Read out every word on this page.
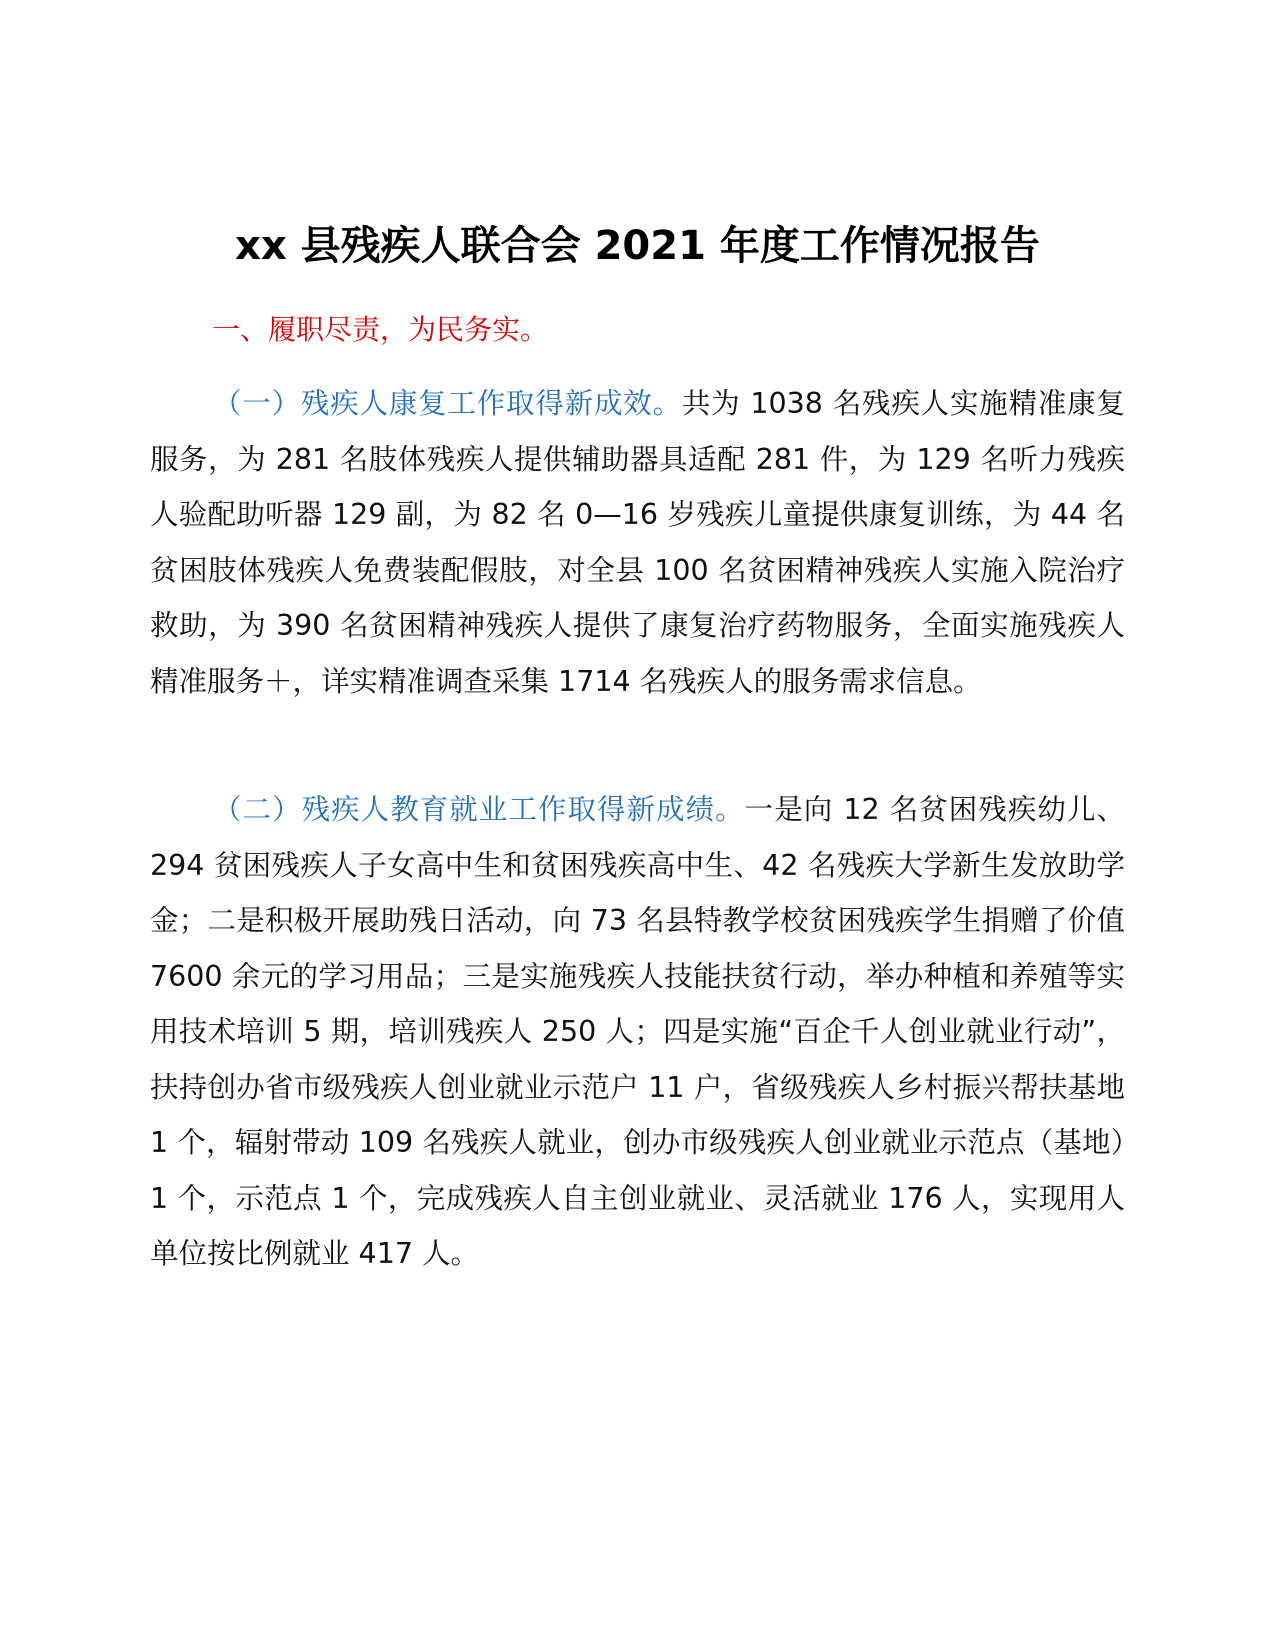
xx 县残疾人联合会 2021 年度工作情况报告

一、履职尽责，为民务实。

（一）残疾人康复工作取得新成效。共为 1038 名残疾人实施精准康复服务，为 281 名肢体残疾人提供辅助器具适配 281 件，为 129 名听力残疾人验配助听器 129 副，为 82 名 0—16 岁残疾儿童提供康复训练，为 44 名贫困肢体残疾人免费装配假肢，对全县 100 名贫困精神残疾人实施入院治疗救助，为 390 名贫困精神残疾人提供了康复治疗药物服务，全面实施残疾人精准服务＋，详实精准调查采集 1714 名残疾人的服务需求信息。

（二）残疾人教育就业工作取得新成绩。一是向 12 名贫困残疾幼儿、294 贫困残疾人子女高中生和贫困残疾高中生、42 名残疾大学新生发放助学金；二是积极开展助残日活动，向 73 名县特教学校贫困残疾学生捐赠了价值 7600 余元的学习用品；三是实施残疾人技能扶贫行动，举办种植和养殖等实用技术培训 5 期，培训残疾人 250 人；四是实施“百企千人创业就业行动”，扶持创办省市级残疾人创业就业示范户 11 户，省级残疾人乡村振兴帮扶基地 1 个，辐射带动 109 名残疾人就业，创办市级残疾人创业就业示范点（基地）1 个，示范点 1 个，完成残疾人自主创业就业、灵活就业 176 人，实现用人单位按比例就业 417 人。
